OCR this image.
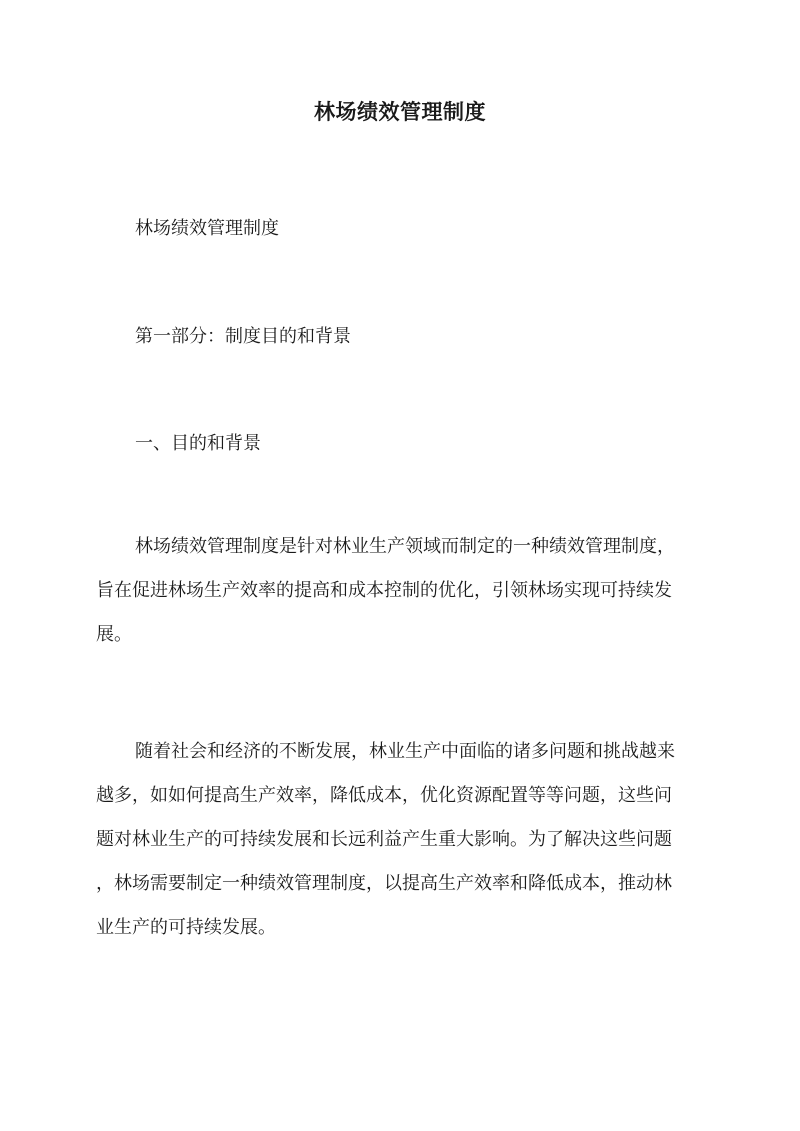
林场绩效管理制度
林场绩效管理制度
第一部分：制度目的和背景
一、目的和背景
林场绩效管理制度是针对林业生产领域而制定的一种绩效管理制度，
旨在促进林场生产效率的提高和成本控制的优化，引领林场实现可持续发
展。
随着社会和经济的不断发展，林业生产中面临的诸多问题和挑战越来
越多，如如何提高生产效率，降低成本，优化资源配置等等问题，这些问
题对林业生产的可持续发展和长远利益产生重大影响。为了解决这些问题
，林场需要制定一种绩效管理制度，以提高生产效率和降低成本，推动林
业生产的可持续发展。
